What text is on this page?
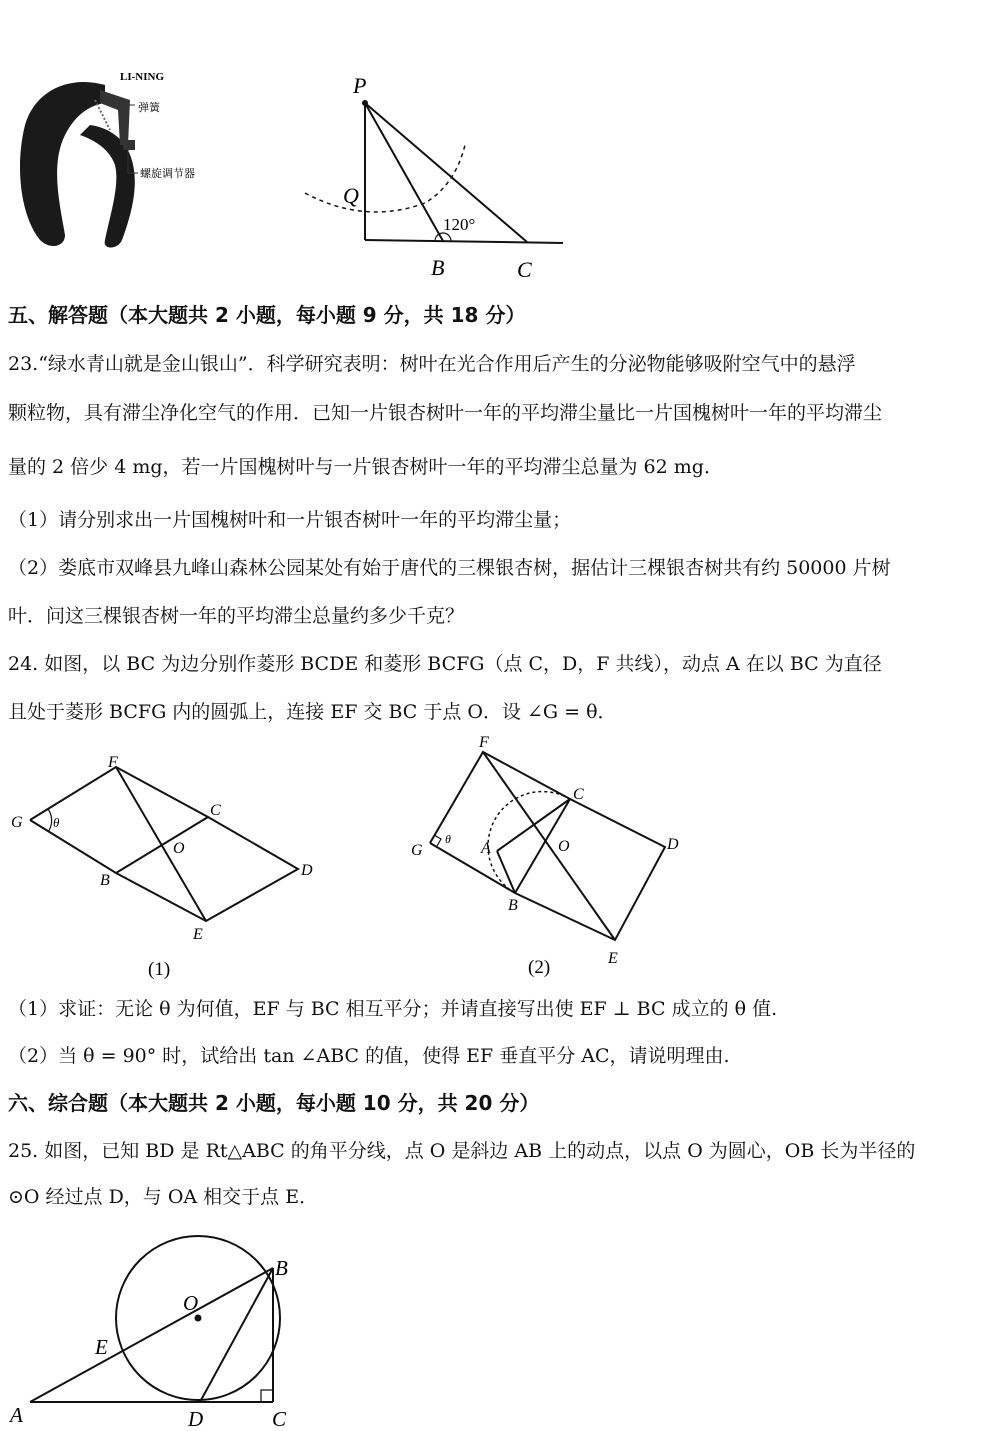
LI-NING
弹簧
螺旋调节器
P
Q
B	C
120°
五、解答题（本大题共 2 小题，每小题 9 分，共 18 分）
23.“绿水青山就是金山银山”．科学研究表明：树叶在光合作用后产生的分泌物能够吸附空气中的悬浮
颗粒物，具有滞尘净化空气的作用．已知一片银杏树叶一年的平均滞尘量比一片国槐树叶一年的平均滞尘
量的 2 倍少 4 mg，若一片国槐树叶与一片银杏树叶一年的平均滞尘总量为 62 mg．
（1）请分别求出一片国槐树叶和一片银杏树叶一年的平均滞尘量；
（2）娄底市双峰县九峰山森林公园某处有始于唐代的三棵银杏树，据估计三棵银杏树共有约 50000 片树
叶．问这三棵银杏树一年的平均滞尘总量约多少千克？
24. 如图，以 BC 为边分别作菱形 BCDE 和菱形 BCFG（点 C，D，F 共线），动点 A 在以 BC 为直径
且处于菱形 BCFG 内的圆弧上，连接 EF 交 BC 于点 O．设 ∠G = θ．
G
F
C
O
B
E
D
θ
(1)
F
C
G	A	O
B
D
E
θ
(2)
（1）求证：无论 θ 为何值，EF 与 BC 相互平分；并请直接写出使 EF ⊥ BC 成立的 θ 值.
（2）当 θ = 90° 时，试给出 tan ∠ABC 的值，使得 EF 垂直平分 AC，请说明理由.
六、综合题（本大题共 2 小题，每小题 10 分，共 20 分）
25. 如图，已知 BD 是 Rt△ABC 的角平分线，点 O 是斜边 AB 上的动点，以点 O 为圆心，OB 长为半径的
⊙O 经过点 D，与 OA 相交于点 E．
B
O
E
A	D	C
